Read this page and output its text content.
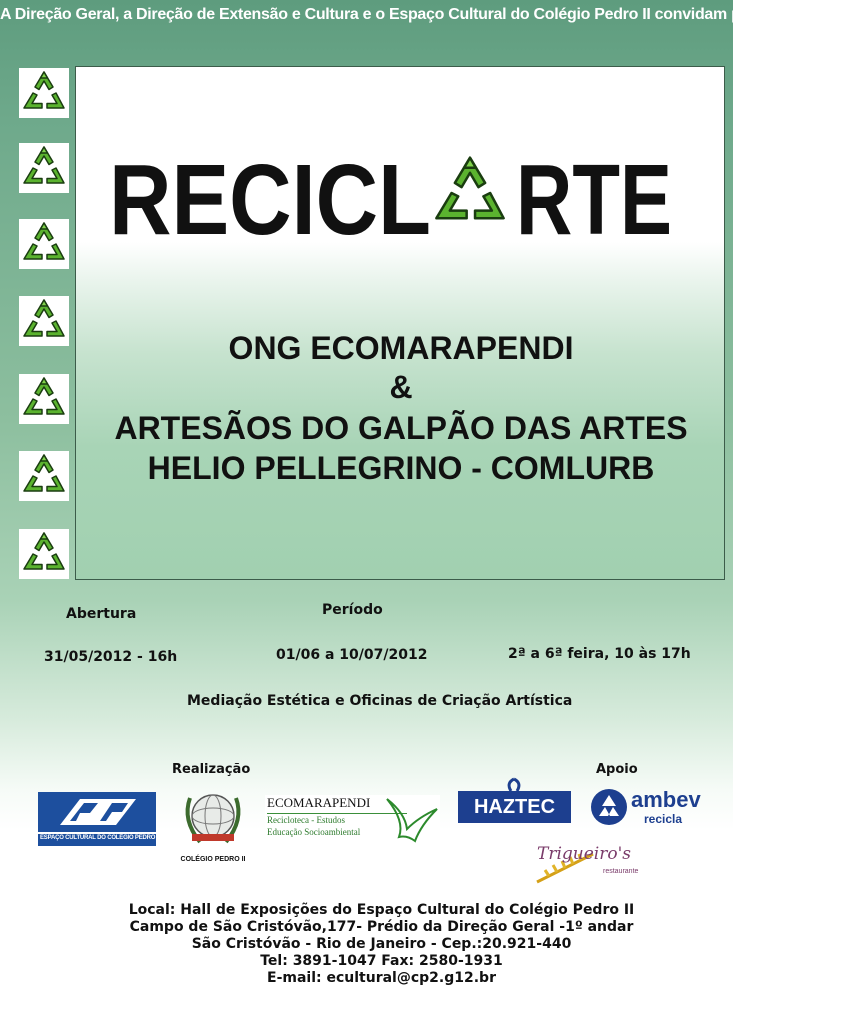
A Direção Geral, a Direção de Extensão e Cultura e o Espaço Cultural do Colégio Pedro II convidam para a exposição
RECICL RTE
ONG ECOMARAPENDI
&
ARTESÃOS DO GALPÃO DAS ARTES
HELIO PELLEGRINO - COMLURB
Abertura
31/05/2012 - 16h
Período
01/06 a 10/07/2012	2ª a 6ª feira, 10 às 17h
Mediação Estética e Oficinas de Criação Artística
Realização	Apoio
ESPAÇO CULTURAL DO COLÉGIO PEDRO II
COLÉGIO PEDRO II
ECOMARAPENDI
Recicloteca - Estudos
Educação Socioambiental
HAZTEC	ambev
recicla
Trigueiro's
restaurante
Local: Hall de Exposições do Espaço Cultural do Colégio Pedro II
Campo de São Cristóvão,177- Prédio da Direção Geral -1º andar
São Cristóvão - Rio de Janeiro - Cep.:20.921-440
Tel: 3891-1047 Fax: 2580-1931
E-mail: ecultural@cp2.g12.br
